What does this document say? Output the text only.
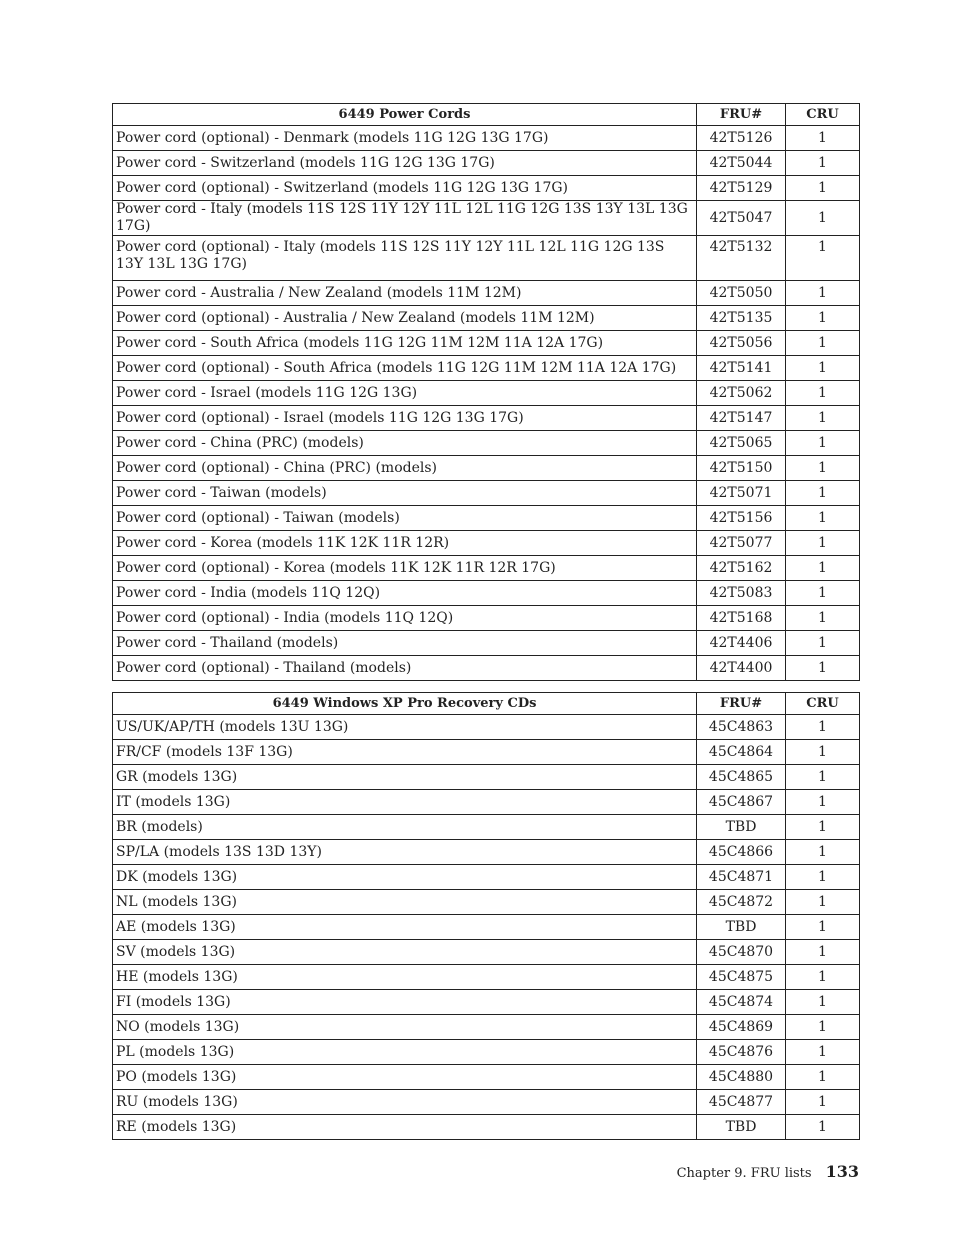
6449 Power Cords	FRU#	CRU
Power cord (optional) - Denmark (models 11G 12G 13G 17G)	42T5126	1
Power cord - Switzerland (models 11G 12G 13G 17G)	42T5044	1
Power cord (optional) - Switzerland (models 11G 12G 13G 17G)	42T5129	1
Power cord - Italy (models 11S 12S 11Y 12Y 11L 12L 11G 12G 13S 13Y 13L 13G 17G)	42T5047	1
Power cord (optional) - Italy (models 11S 12S 11Y 12Y 11L 12L 11G 12G 13S 13Y 13L 13G 17G)	42T5132	1
Power cord - Australia / New Zealand (models 11M 12M)	42T5050	1
Power cord (optional) - Australia / New Zealand (models 11M 12M)	42T5135	1
Power cord - South Africa (models 11G 12G 11M 12M 11A 12A 17G)	42T5056	1
Power cord (optional) - South Africa (models 11G 12G 11M 12M 11A 12A 17G)	42T5141	1
Power cord - Israel (models 11G 12G 13G)	42T5062	1
Power cord (optional) - Israel (models 11G 12G 13G 17G)	42T5147	1
Power cord - China (PRC) (models)	42T5065	1
Power cord (optional) - China (PRC) (models)	42T5150	1
Power cord - Taiwan (models)	42T5071	1
Power cord (optional) - Taiwan (models)	42T5156	1
Power cord - Korea (models 11K 12K 11R 12R)	42T5077	1
Power cord (optional) - Korea (models 11K 12K 11R 12R 17G)	42T5162	1
Power cord - India (models 11Q 12Q)	42T5083	1
Power cord (optional) - India (models 11Q 12Q)	42T5168	1
Power cord - Thailand (models)	42T4406	1
Power cord (optional) - Thailand (models)	42T4400	1
6449 Windows XP Pro Recovery CDs	FRU#	CRU
US/UK/AP/TH (models 13U 13G)	45C4863	1
FR/CF (models 13F 13G)	45C4864	1
GR (models 13G)	45C4865	1
IT (models 13G)	45C4867	1
BR (models)	TBD	1
SP/LA (models 13S 13D 13Y)	45C4866	1
DK (models 13G)	45C4871	1
NL (models 13G)	45C4872	1
AE (models 13G)	TBD	1
SV (models 13G)	45C4870	1
HE (models 13G)	45C4875	1
FI (models 13G)	45C4874	1
NO (models 13G)	45C4869	1
PL (models 13G)	45C4876	1
PO (models 13G)	45C4880	1
RU (models 13G)	45C4877	1
RE (models 13G)	TBD	1
Chapter 9. FRU lists 133
